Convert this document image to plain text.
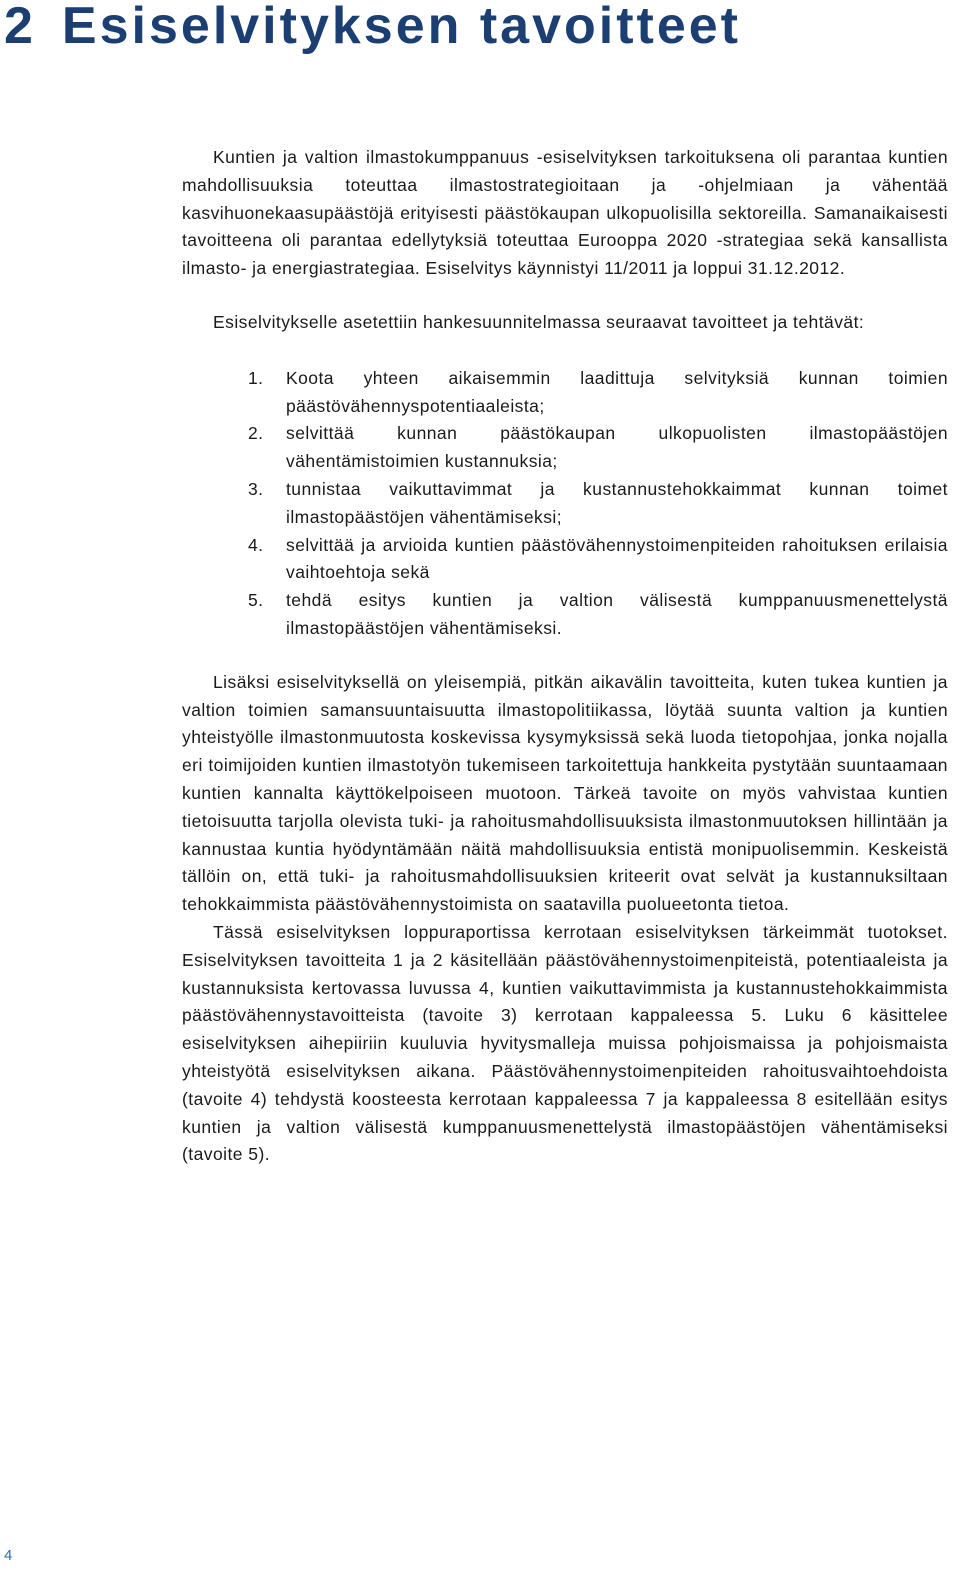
2 Esiselvityksen tavoitteet

Kuntien ja valtion ilmastokumppanuus -esiselvityksen tarkoituksena oli parantaa kuntien mahdollisuuksia toteuttaa ilmastostrategioitaan ja -ohjelmiaan ja vähentää kasvihuonekaasupäästöjä erityisesti päästökaupan ulkopuolisilla sektoreilla. Samanaikaisesti tavoitteena oli parantaa edellytyksiä toteuttaa Eurooppa 2020 -strategiaa sekä kansallista ilmasto- ja energiastrategiaa. Esiselvitys käynnistyi 11/2011 ja loppui 31.12.2012.

Esiselvitykselle asetettiin hankesuunnitelmassa seuraavat tavoitteet ja tehtävät:

1. Koota yhteen aikaisemmin laadittuja selvityksiä kunnan toimien päästövähennyspotentiaaleista;
2. selvittää kunnan päästökaupan ulkopuolisten ilmastopäästöjen vähentämistoimien kustannuksia;
3. tunnistaa vaikuttavimmat ja kustannustehokkaimmat kunnan toimet ilmastopäästöjen vähentämiseksi;
4. selvittää ja arvioida kuntien päästövähennystoimenpiteiden rahoituksen erilaisia vaihtoehtoja sekä
5. tehdä esitys kuntien ja valtion välisestä kumppanuusmenettelystä ilmastopäästöjen vähentämiseksi.

Lisäksi esiselvityksellä on yleisempiä, pitkän aikavälin tavoitteita, kuten tukea kuntien ja valtion toimien samansuuntaisuutta ilmastopolitiikassa, löytää suunta valtion ja kuntien yhteistyölle ilmastonmuutosta koskevissa kysymyksissä sekä luoda tietopohjaa, jonka nojalla eri toimijoiden kuntien ilmastotyön tukemiseen tarkoitettuja hankkeita pystytään suuntaamaan kuntien kannalta käyttökelpoiseen muotoon. Tärkeä tavoite on myös vahvistaa kuntien tietoisuutta tarjolla olevista tuki- ja rahoitusmahdollisuuksista ilmastonmuutoksen hillintään ja kannustaa kuntia hyödyntämään näitä mahdollisuuksia entistä monipuolisemmin. Keskeistä tällöin on, että tuki- ja rahoitusmahdollisuuksien kriteerit ovat selvät ja kustannuksiltaan tehokkaimmista päästövähennystoimista on saatavilla puolueetonta tietoa.

Tässä esiselvityksen loppuraportissa kerrotaan esiselvityksen tärkeimmät tuotokset. Esiselvityksen tavoitteita 1 ja 2 käsitellään päästövähennystoimenpiteistä, potentiaaleista ja kustannuksista kertovassa luvussa 4, kuntien vaikuttavimmista ja kustannustehokkaimmista päästövähennystavoitteista (tavoite 3) kerrotaan kappaleessa 5. Luku 6 käsittelee esiselvityksen aihepiiriin kuuluvia hyvitysmalleja muissa pohjoismaissa ja pohjoismaista yhteistyötä esiselvityksen aikana. Päästövähennystoimenpiteiden rahoitusvaihtoehdoista (tavoite 4) tehdystä koosteesta kerrotaan kappaleessa 7 ja kappaleessa 8 esitellään esitys kuntien ja valtion välisestä kumppanuusmenettelystä ilmastopäästöjen vähentämiseksi (tavoite 5).

4
